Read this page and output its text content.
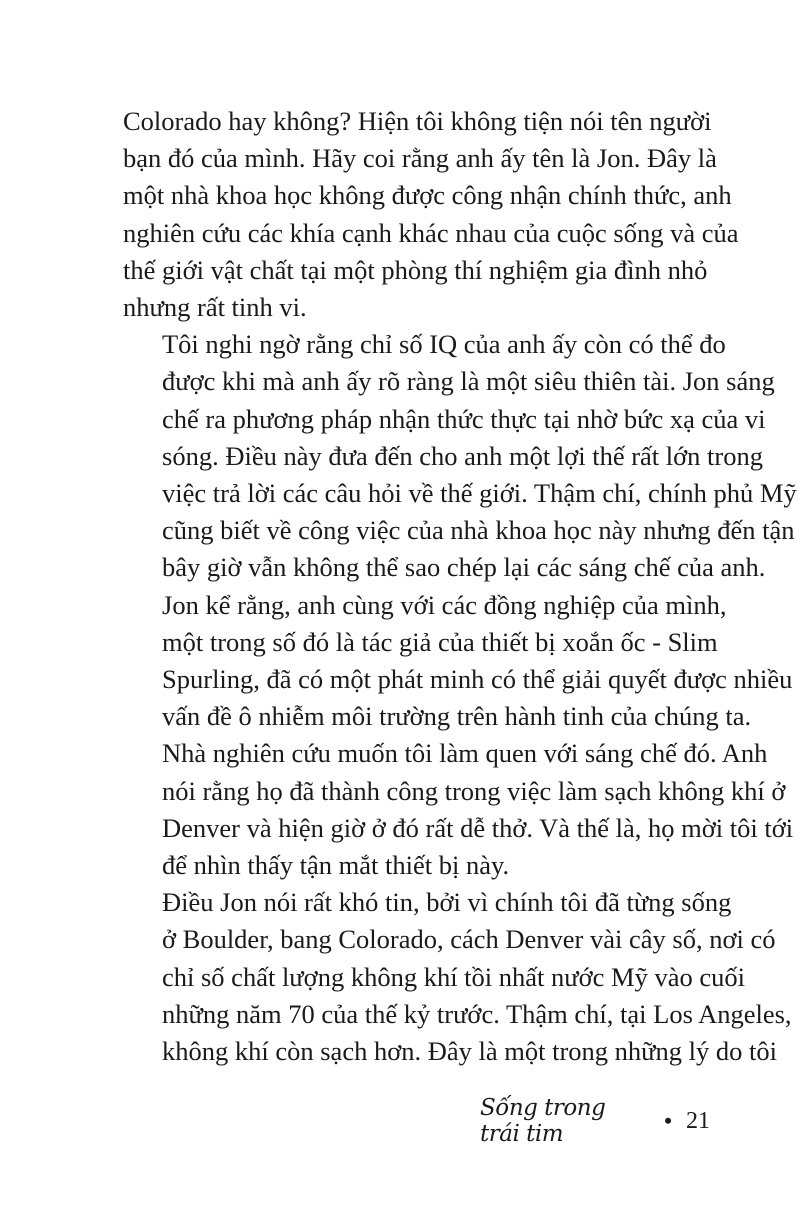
Colorado hay không? Hiện tôi không tiện nói tên người
bạn đó của mình. Hãy coi rằng anh ấy tên là Jon. Đây là
một nhà khoa học không được công nhận chính thức, anh
nghiên cứu các khía cạnh khác nhau của cuộc sống và của
thế giới vật chất tại một phòng thí nghiệm gia đình nhỏ
nhưng rất tinh vi.

Tôi nghi ngờ rằng chỉ số IQ của anh ấy còn có thể đo
được khi mà anh ấy rõ ràng là một siêu thiên tài. Jon sáng
chế ra phương pháp nhận thức thực tại nhờ bức xạ của vi
sóng. Điều này đưa đến cho anh một lợi thế rất lớn trong
việc trả lời các câu hỏi về thế giới. Thậm chí, chính phủ Mỹ
cũng biết về công việc của nhà khoa học này nhưng đến tận
bây giờ vẫn không thể sao chép lại các sáng chế của anh.

Jon kể rằng, anh cùng với các đồng nghiệp của mình,
một trong số đó là tác giả của thiết bị xoắn ốc - Slim
Spurling, đã có một phát minh có thể giải quyết được nhiều
vấn đề ô nhiễm môi trường trên hành tinh của chúng ta.
Nhà nghiên cứu muốn tôi làm quen với sáng chế đó. Anh
nói rằng họ đã thành công trong việc làm sạch không khí ở
Denver và hiện giờ ở đó rất dễ thở. Và thế là, họ mời tôi tới
để nhìn thấy tận mắt thiết bị này.

Điều Jon nói rất khó tin, bởi vì chính tôi đã từng sống
ở Boulder, bang Colorado, cách Denver vài cây số, nơi có
chỉ số chất lượng không khí tồi nhất nước Mỹ vào cuối
những năm 70 của thế kỷ trước. Thậm chí, tại Los Angeles,
không khí còn sạch hơn. Đây là một trong những lý do tôi

Sống trong trái tim
• 21
